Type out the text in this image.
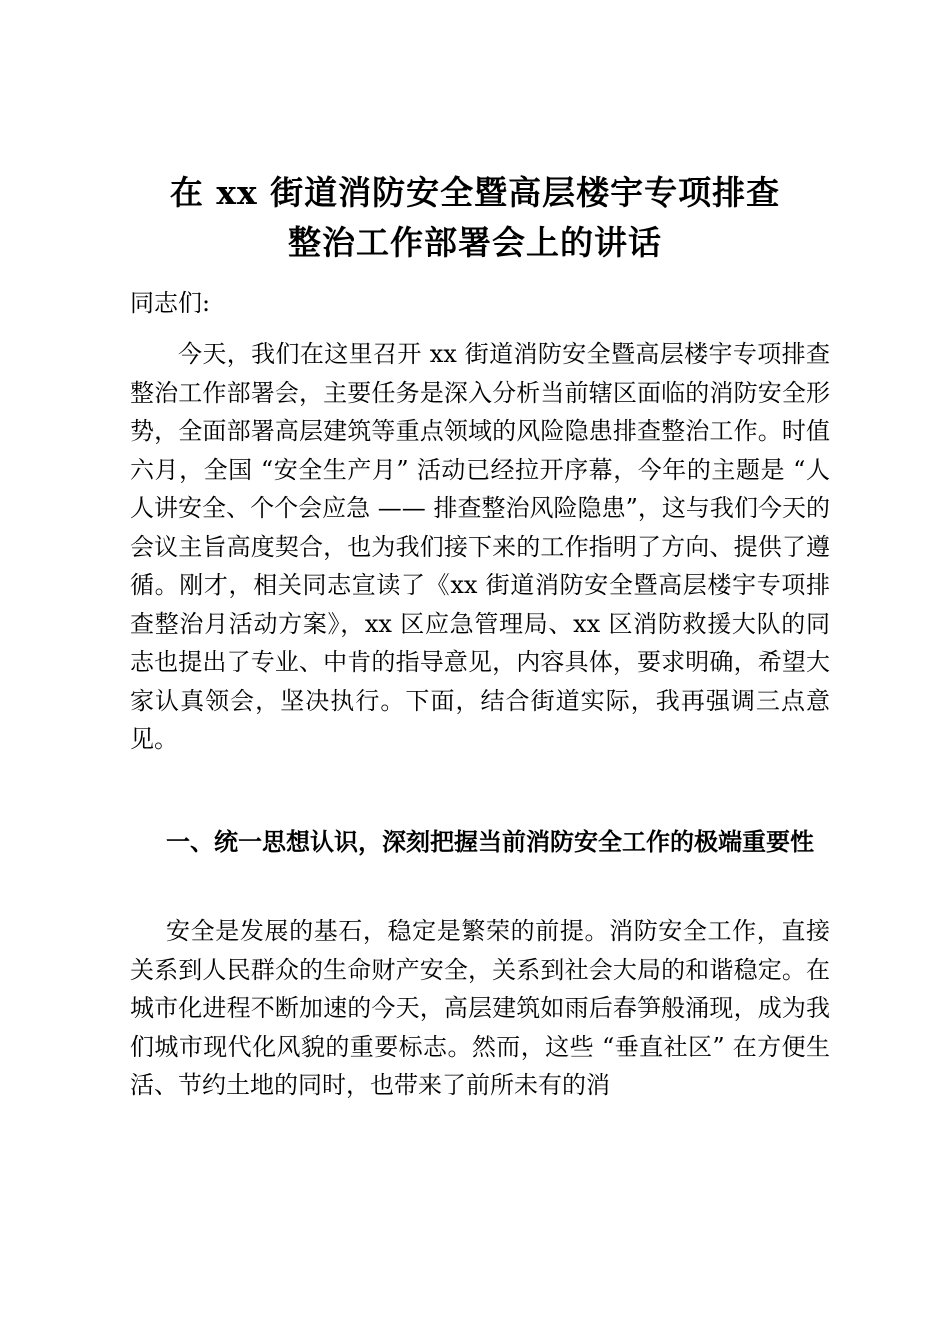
在 xx 街道消防安全暨高层楼宇专项排查
整治工作部署会上的讲话
同志们:
今天，我们在这里召开 xx 街道消防安全暨高层楼宇专项排查整治工作部署会，主要任务是深入分析当前辖区面临的消防安全形势，全面部署高层建筑等重点领域的风险隐患排查整治工作。时值六月，全国 “安全生产月” 活动已经拉开序幕，今年的主题是 “人人讲安全、个个会应急 —— 排查整治风险隐患”，这与我们今天的会议主旨高度契合，也为我们接下来的工作指明了方向、提供了遵循。刚才，相关同志宣读了《xx 街道消防安全暨高层楼宇专项排查整治月活动方案》，xx 区应急管理局、xx 区消防救援大队的同志也提出了专业、中肯的指导意见，内容具体，要求明确，希望大家认真领会，坚决执行。下面，结合街道实际，我再强调三点意见。
一、统一思想认识，深刻把握当前消防安全工作的极端重要性
安全是发展的基石，稳定是繁荣的前提。消防安全工作，直接关系到人民群众的生命财产安全，关系到社会大局的和谐稳定。在城市化进程不断加速的今天，高层建筑如雨后春笋般涌现，成为我们城市现代化风貌的重要标志。然而，这些 “垂直社区” 在方便生活、节约土地的同时，也带来了前所未有的消
